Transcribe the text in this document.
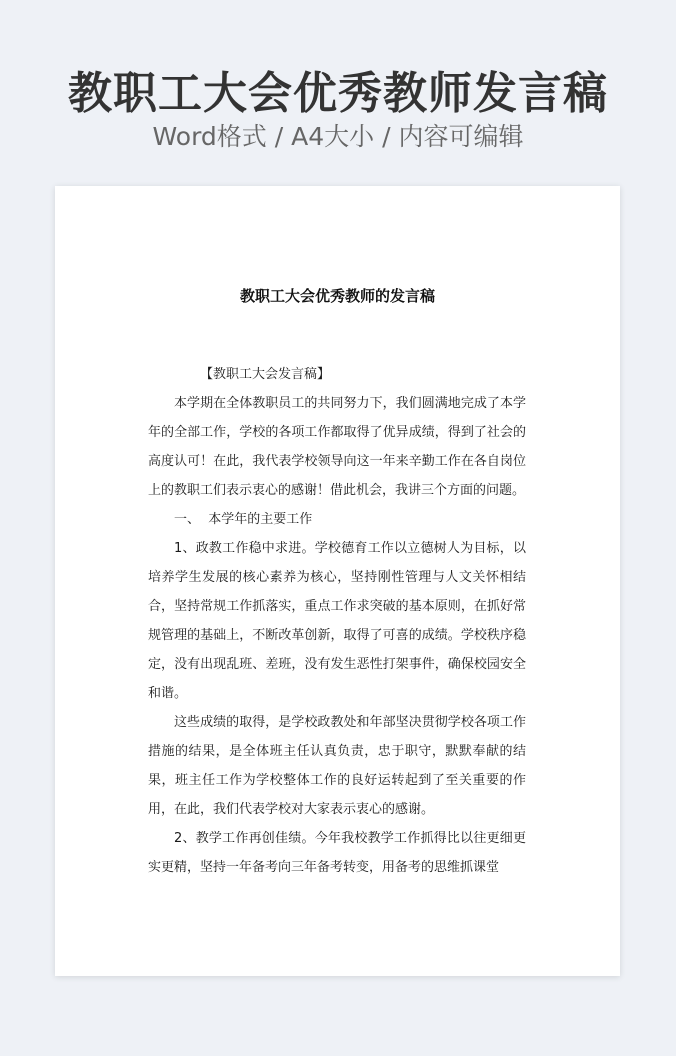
教职工大会优秀教师发言稿
Word格式 / A4大小 / 内容可编辑
教职工大会优秀教师的发言稿

【教职工大会发言稿】

本学期在全体教职员工的共同努力下，我们圆满地完成了本学年的全部工作，学校的各项工作都取得了优异成绩，得到了社会的高度认可！在此，我代表学校领导向这一年来辛勤工作在各自岗位上的教职工们表示衷心的感谢！借此机会，我讲三个方面的问题。

一、  本学年的主要工作

1、政教工作稳中求进。学校德育工作以立德树人为目标，以培养学生发展的核心素养为核心，坚持刚性管理与人文关怀相结合，坚持常规工作抓落实，重点工作求突破的基本原则，在抓好常规管理的基础上，不断改革创新，取得了可喜的成绩。学校秩序稳定，没有出现乱班、差班，没有发生恶性打架事件，确保校园安全和谐。

这些成绩的取得，是学校政教处和年部坚决贯彻学校各项工作措施的结果，是全体班主任认真负责，忠于职守，默默奉献的结果，班主任工作为学校整体工作的良好运转起到了至关重要的作用，在此，我们代表学校对大家表示衷心的感谢。

2、教学工作再创佳绩。今年我校教学工作抓得比以往更细更实更精，坚持一年备考向三年备考转变，用备考的思维抓课堂
